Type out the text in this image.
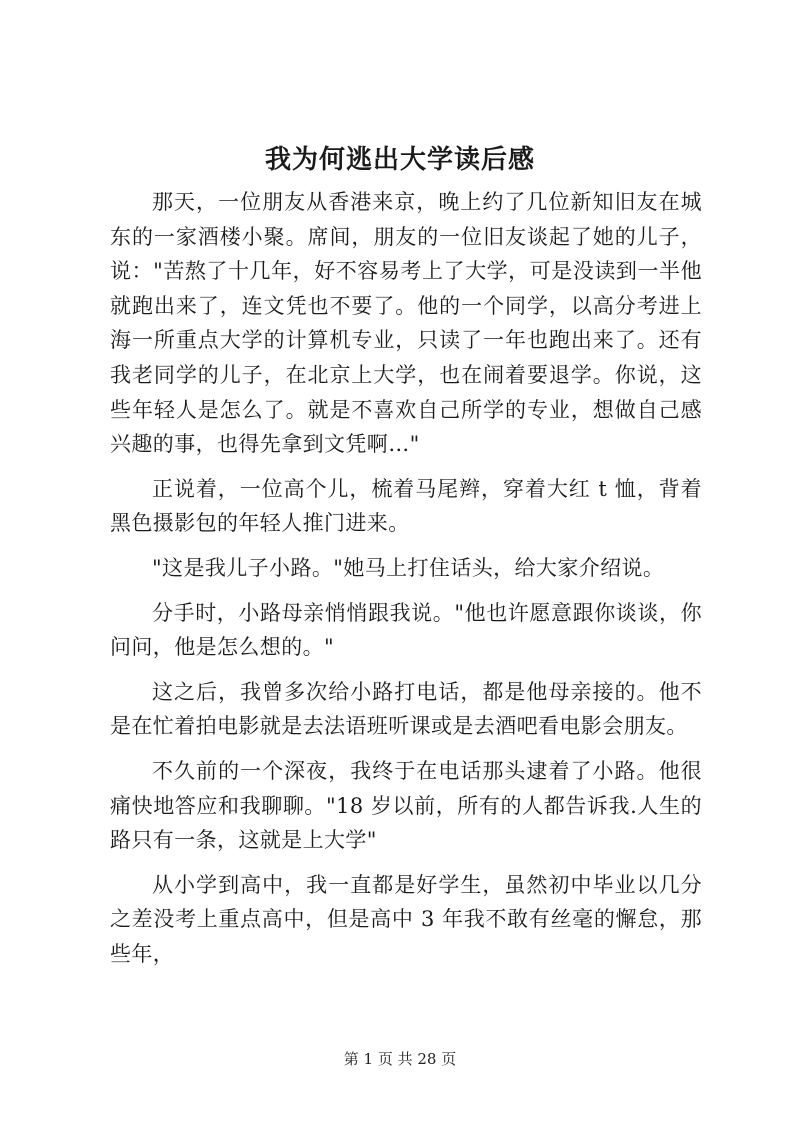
我为何逃出大学读后感

那天，一位朋友从香港来京，晚上约了几位新知旧友在城东的一家酒楼小聚。席间，朋友的一位旧友谈起了她的儿子，说："苦熬了十几年，好不容易考上了大学，可是没读到一半他就跑出来了，连文凭也不要了。他的一个同学，以高分考进上海一所重点大学的计算机专业，只读了一年也跑出来了。还有我老同学的儿子，在北京上大学，也在闹着要退学。你说，这些年轻人是怎么了。就是不喜欢自己所学的专业，想做自己感兴趣的事，也得先拿到文凭啊…"

正说着，一位高个儿，梳着马尾辫，穿着大红 t 恤，背着黑色摄影包的年轻人推门进来。

"这是我儿子小路。"她马上打住话头，给大家介绍说。

分手时，小路母亲悄悄跟我说。"他也许愿意跟你谈谈，你问问，他是怎么想的。"

这之后，我曾多次给小路打电话，都是他母亲接的。他不是在忙着拍电影就是去法语班听课或是去酒吧看电影会朋友。

不久前的一个深夜，我终于在电话那头逮着了小路。他很痛快地答应和我聊聊。"18 岁以前，所有的人都告诉我.人生的路只有一条，这就是上大学"

从小学到高中，我一直都是好学生，虽然初中毕业以几分之差没考上重点高中，但是高中 3 年我不敢有丝毫的懈怠，那些年，

第 1 页 共 28 页
